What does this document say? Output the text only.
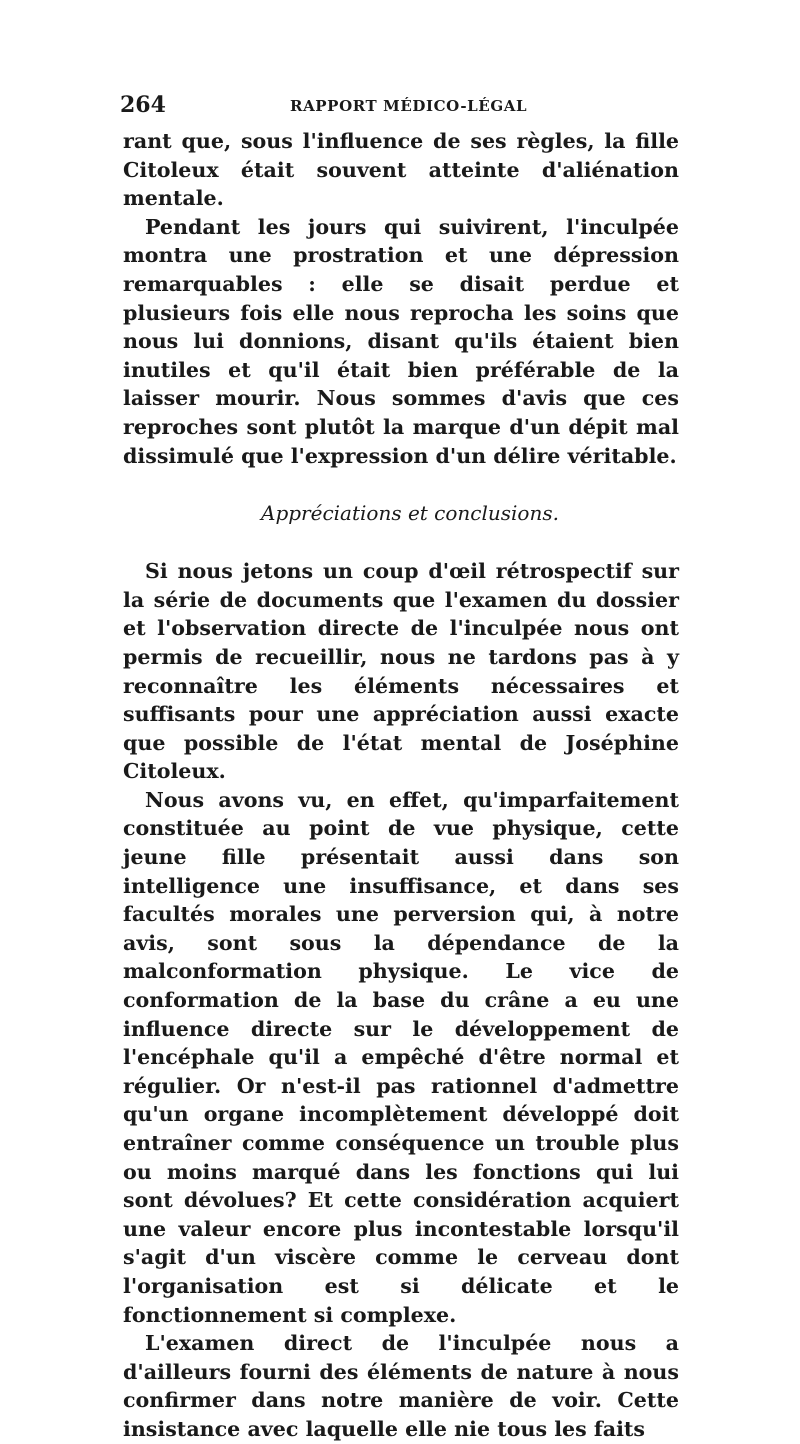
264	RAPPORT MÉDICO-LÉGAL

rant que, sous l'influence de ses règles, la fille Citoleux était souvent atteinte d'aliénation mentale.

Pendant les jours qui suivirent, l'inculpée montra une prostration et une dépression remarquables : elle se disait perdue et plusieurs fois elle nous reprocha les soins que nous lui donnions, disant qu'ils étaient bien inutiles et qu'il était bien préférable de la laisser mourir. Nous sommes d'avis que ces reproches sont plutôt la marque d'un dépit mal dissimulé que l'expression d'un délire véritable.

Appréciations et conclusions.

Si nous jetons un coup d'œil rétrospectif sur la série de documents que l'examen du dossier et l'observation directe de l'inculpée nous ont permis de recueillir, nous ne tardons pas à y reconnaître les éléments nécessaires et suffisants pour une appréciation aussi exacte que possible de l'état mental de Joséphine Citoleux.

Nous avons vu, en effet, qu'imparfaitement constituée au point de vue physique, cette jeune fille présentait aussi dans son intelligence une insuffisance, et dans ses facultés morales une perversion qui, à notre avis, sont sous la dépendance de la malconformation physique. Le vice de conformation de la base du crâne a eu une influence directe sur le développement de l'encéphale qu'il a empêché d'être normal et régulier. Or n'est-il pas rationnel d'admettre qu'un organe incomplètement développé doit entraîner comme conséquence un trouble plus ou moins marqué dans les fonctions qui lui sont dévolues? Et cette considération acquiert une valeur encore plus incontestable lorsqu'il s'agit d'un viscère comme le cerveau dont l'organisation est si délicate et le fonctionnement si complexe.

L'examen direct de l'inculpée nous a d'ailleurs fourni des éléments de nature à nous confirmer dans notre manière de voir. Cette insistance avec laquelle elle nie tous les faits
